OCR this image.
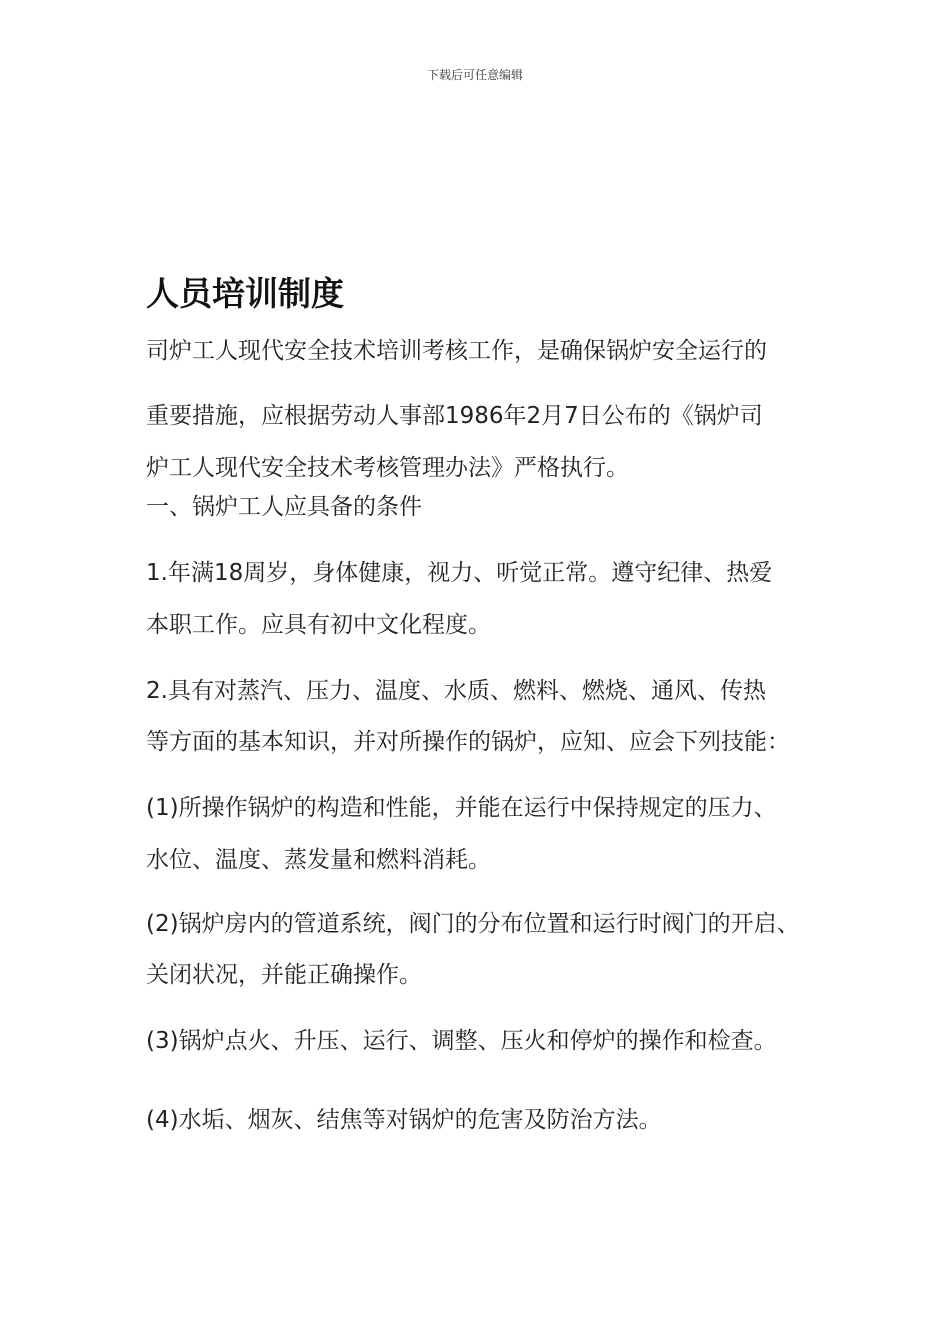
下载后可任意编辑
人员培训制度
司炉工人现代安全技术培训考核工作，是确保锅炉安全运行的
重要措施，应根据劳动人事部1986年2月7日公布的《锅炉司
炉工人现代安全技术考核管理办法》严格执行。
一、锅炉工人应具备的条件
1.年满18周岁，身体健康，视力、听觉正常。遵守纪律、热爱
本职工作。应具有初中文化程度。
2.具有对蒸汽、压力、温度、水质、燃料、燃烧、通风、传热
等方面的基本知识，并对所操作的锅炉，应知、应会下列技能：
(1)所操作锅炉的构造和性能，并能在运行中保持规定的压力、
水位、温度、蒸发量和燃料消耗。
(2)锅炉房内的管道系统，阀门的分布位置和运行时阀门的开启、
关闭状况，并能正确操作。
(3)锅炉点火、升压、运行、调整、压火和停炉的操作和检查。
(4)水垢、烟灰、结焦等对锅炉的危害及防治方法。
